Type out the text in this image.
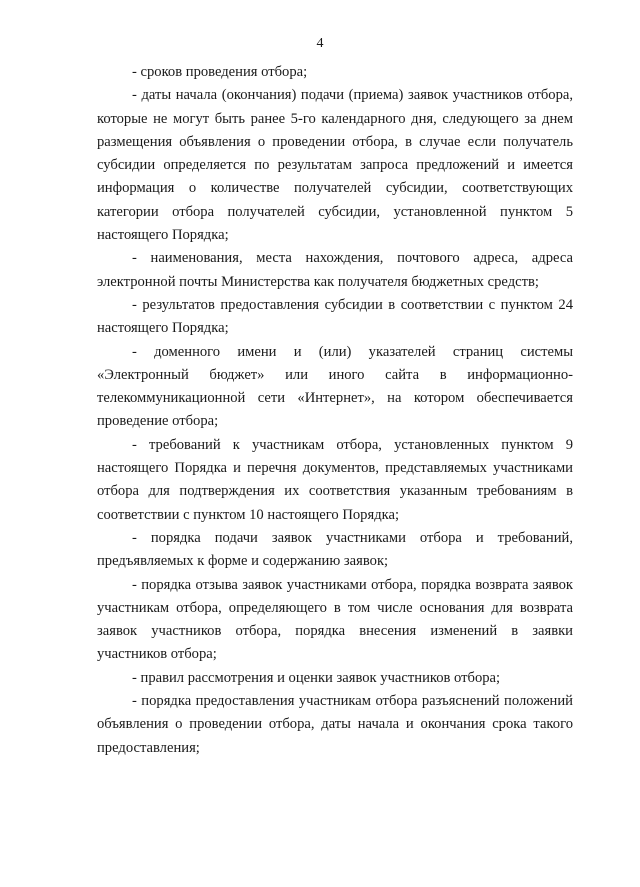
4

- сроков проведения отбора;

- даты начала (окончания) подачи (приема) заявок участников отбора, которые не могут быть ранее 5-го календарного дня, следующего за днем размещения объявления о проведении отбора, в случае если получатель субсидии определяется по результатам запроса предложений и имеется информация о количестве получателей субсидии, соответствующих категории отбора получателей субсидии, установленной пунктом 5 настоящего Порядка;

- наименования, места нахождения, почтового адреса, адреса электронной почты Министерства как получателя бюджетных средств;

- результатов предоставления субсидии в соответствии с пунктом 24 настоящего Порядка;

- доменного имени и (или) указателей страниц системы «Электронный бюджет» или иного сайта в информационно-телекоммуникационной сети «Интернет», на котором обеспечивается проведение отбора;

- требований к участникам отбора, установленных пунктом 9 настоящего Порядка и перечня документов, представляемых участниками отбора для подтверждения их соответствия указанным требованиям в соответствии с пунктом 10 настоящего Порядка;

- порядка подачи заявок участниками отбора и требований, предъявляемых к форме и содержанию заявок;

- порядка отзыва заявок участниками отбора, порядка возврата заявок участникам отбора, определяющего в том числе основания для возврата заявок участников отбора, порядка внесения изменений в заявки участников отбора;

- правил рассмотрения и оценки заявок участников отбора;

- порядка предоставления участникам отбора разъяснений положений объявления о проведении отбора, даты начала и окончания срока такого предоставления;
